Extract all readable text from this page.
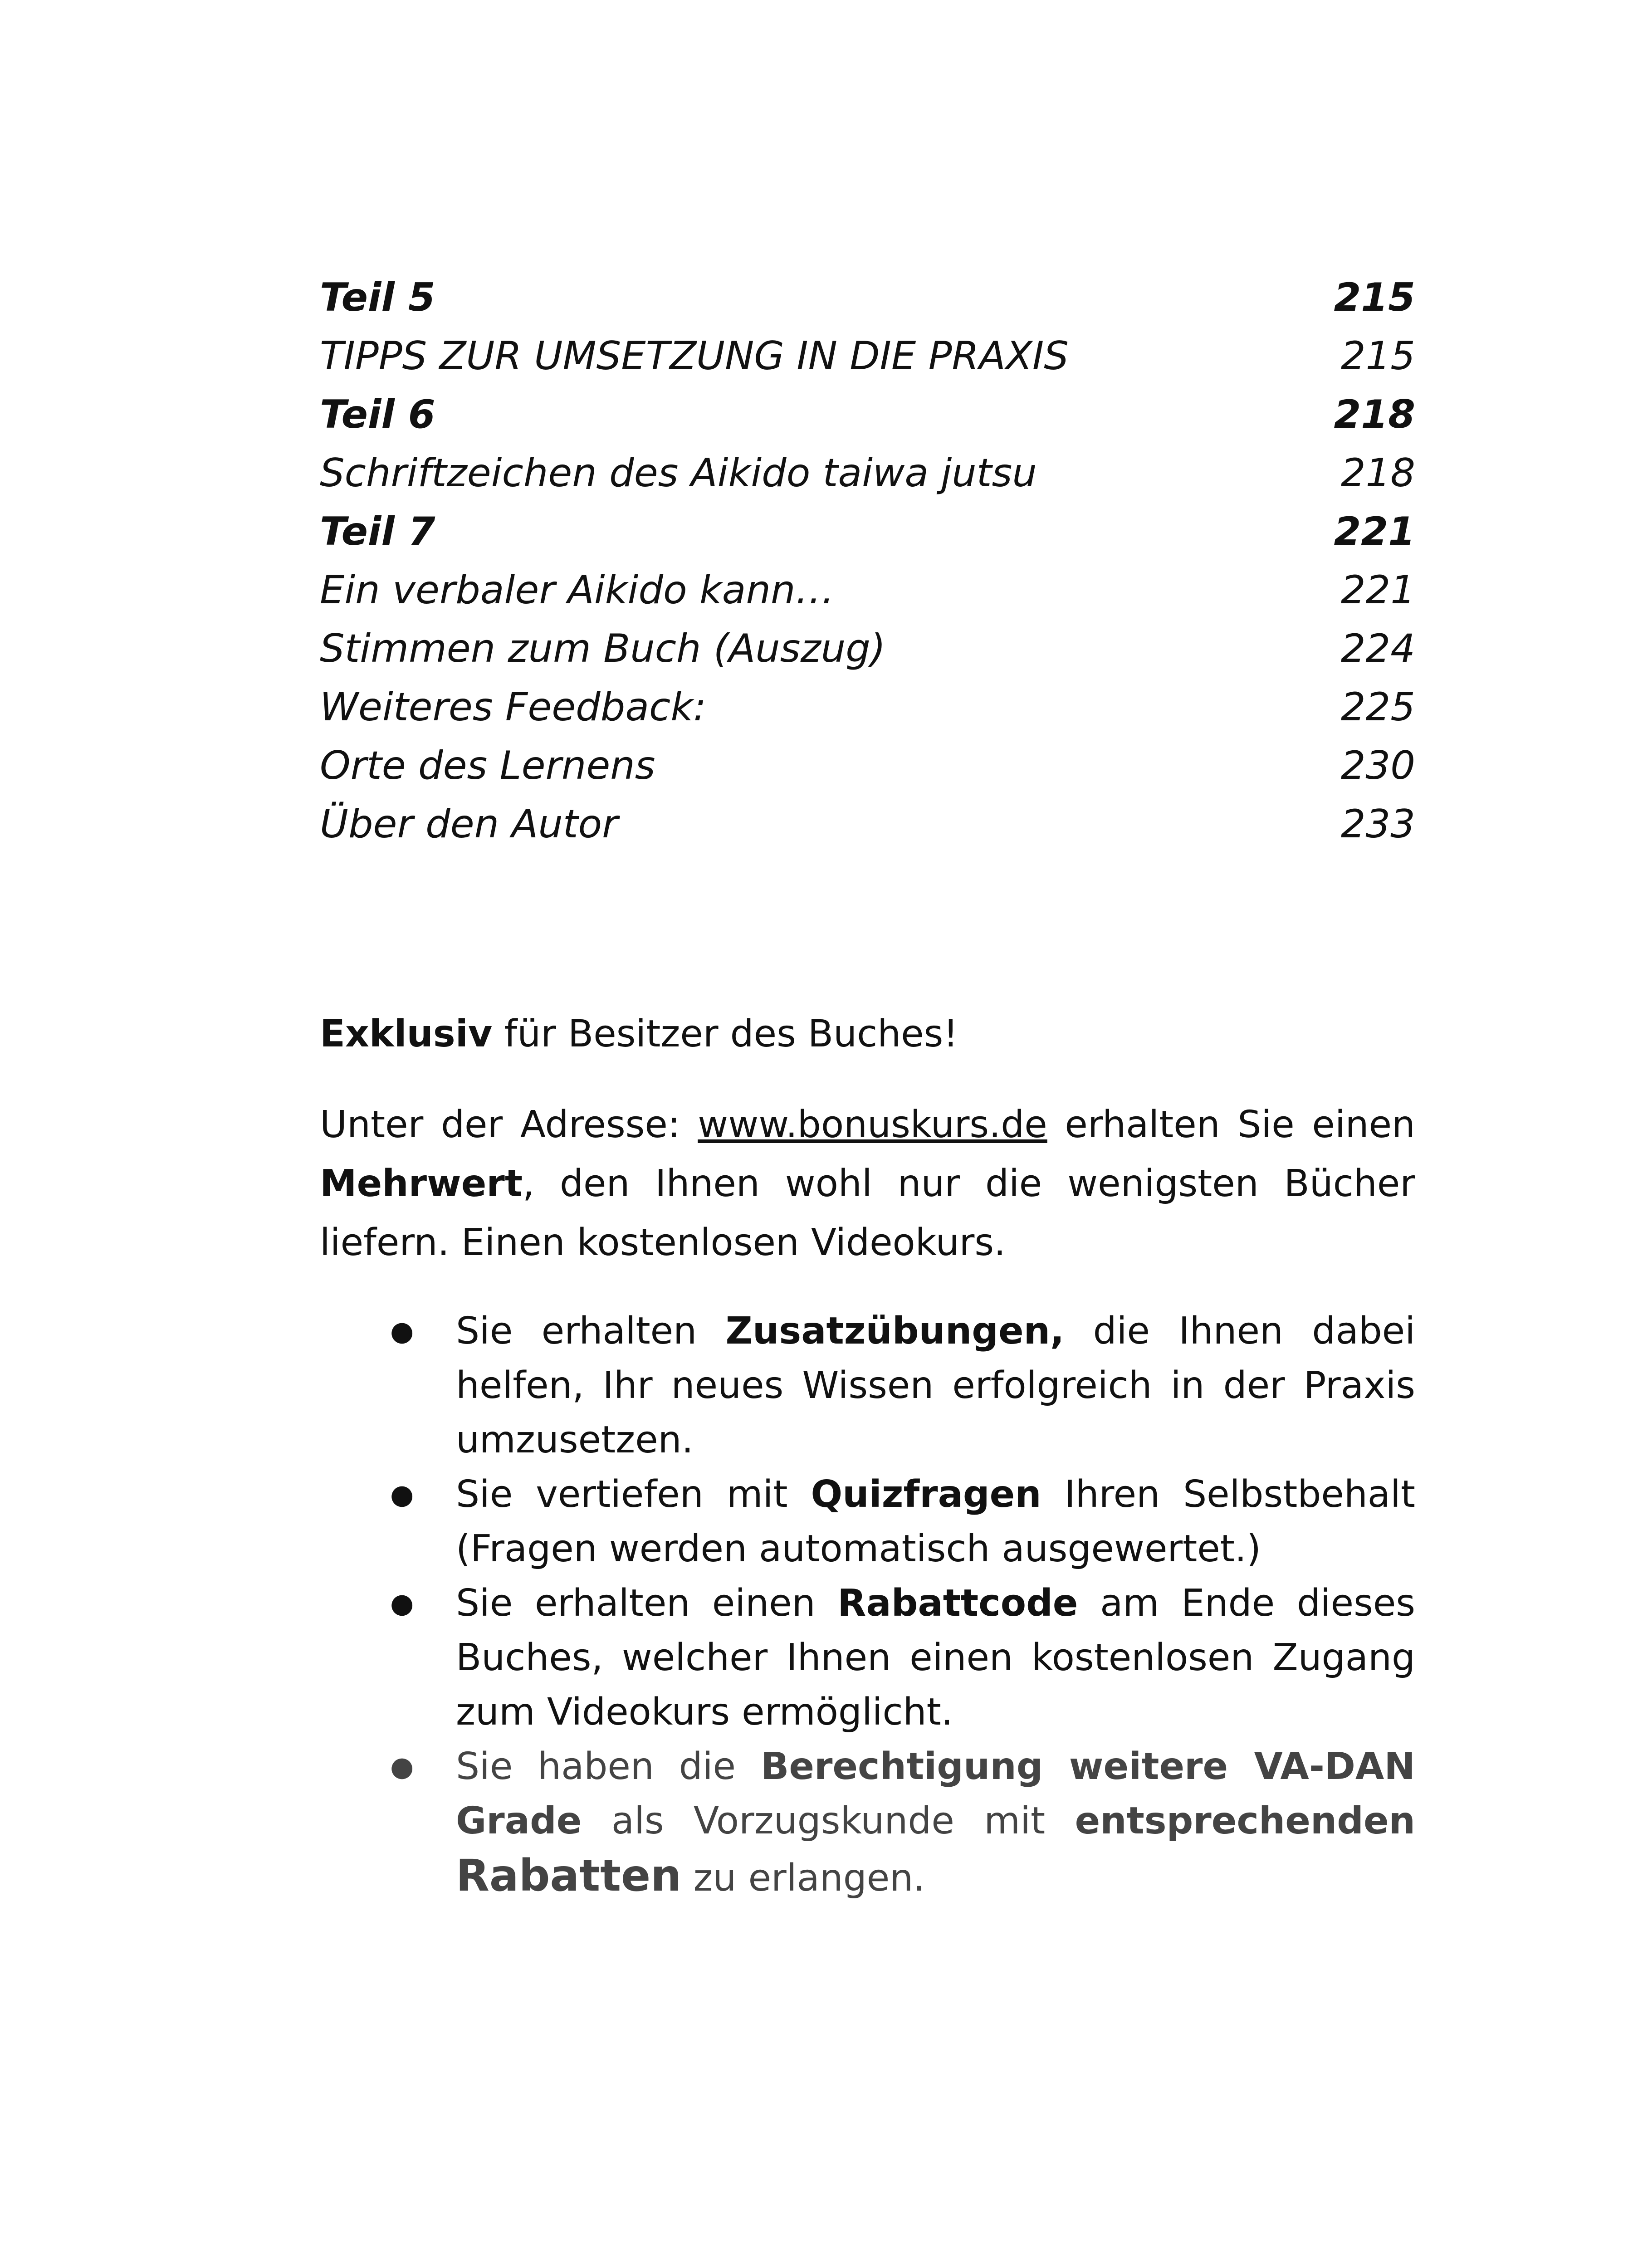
Teil 5	215
TIPPS ZUR UMSETZUNG IN DIE PRAXIS	215
Teil 6	218
Schriftzeichen des Aikido taiwa jutsu	218
Teil 7	221
Ein verbaler Aikido kann…	221
Stimmen zum Buch (Auszug)	224
Weiteres Feedback:	225
Orte des Lernens	230
Über den Autor	233

Exklusiv für Besitzer des Buches!

Unter der Adresse: www.bonuskurs.de erhalten Sie einen Mehrwert, den Ihnen wohl nur die wenigsten Bücher liefern. Einen kostenlosen Videokurs.

● Sie erhalten Zusatzübungen, die Ihnen dabei helfen, Ihr neues Wissen erfolgreich in der Praxis umzusetzen.
● Sie vertiefen mit Quizfragen Ihren Selbstbehalt (Fragen werden automatisch ausgewertet.)
● Sie erhalten einen Rabattcode am Ende dieses Buches, welcher Ihnen einen kostenlosen Zugang zum Videokurs ermöglicht.
● Sie haben die Berechtigung weitere VA-DAN Grade als Vorzugskunde mit entsprechenden Rabatten zu erlangen.
